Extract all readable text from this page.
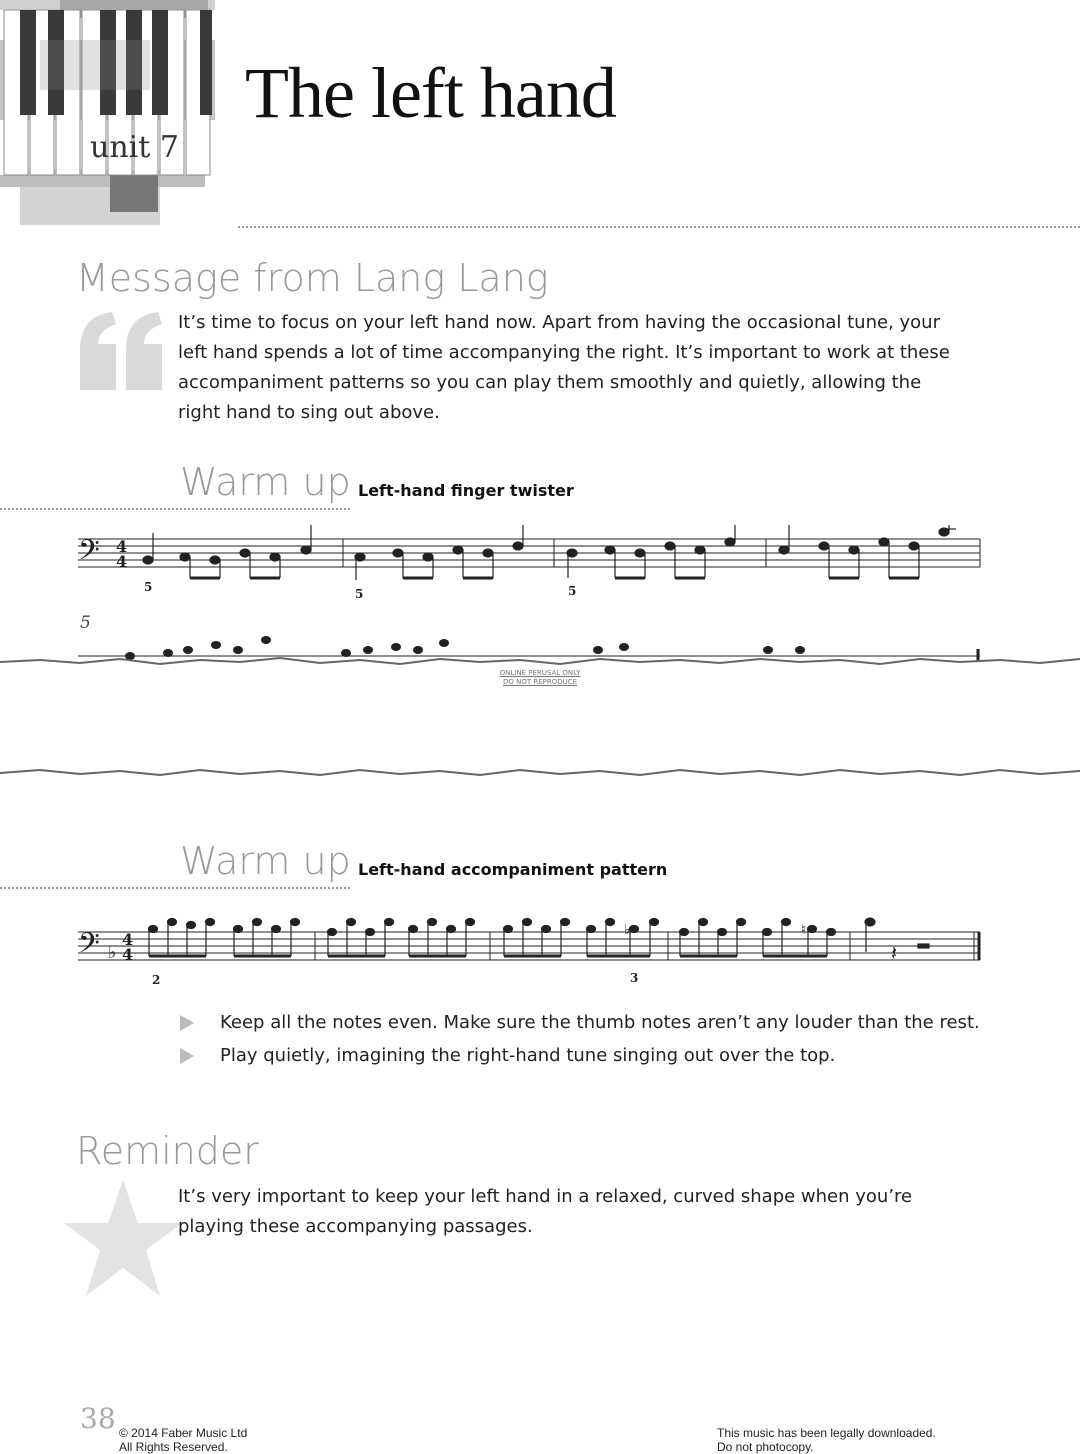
unit 7
The left hand
Message from Lang Lang
It’s time to focus on your left hand now. Apart from having the occasional tune, your
left hand spends a lot of time accompanying the right. It’s important to work at these
accompaniment patterns so you can play them smoothly and quietly, allowing the
right hand to sing out above.
Warm up Left-hand finger twister
𝄢 4
4
5	5	5
5
ONLINE PERUSAL ONLY
DO NOT REPRODUCE
Warm up Left-hand accompaniment pattern
𝄢 ♭
4
4
♭	♮
𝄽
2	3
Keep all the notes even. Make sure the thumb notes aren’t any louder than the rest.
Play quietly, imagining the right-hand tune singing out over the top.
Reminder
It’s very important to keep your left hand in a relaxed, curved shape when you’re
playing these accompanying passages.
38 © 2014 Faber Music Ltd
All Rights Reserved.
This music has been legally downloaded.
Do not photocopy.
